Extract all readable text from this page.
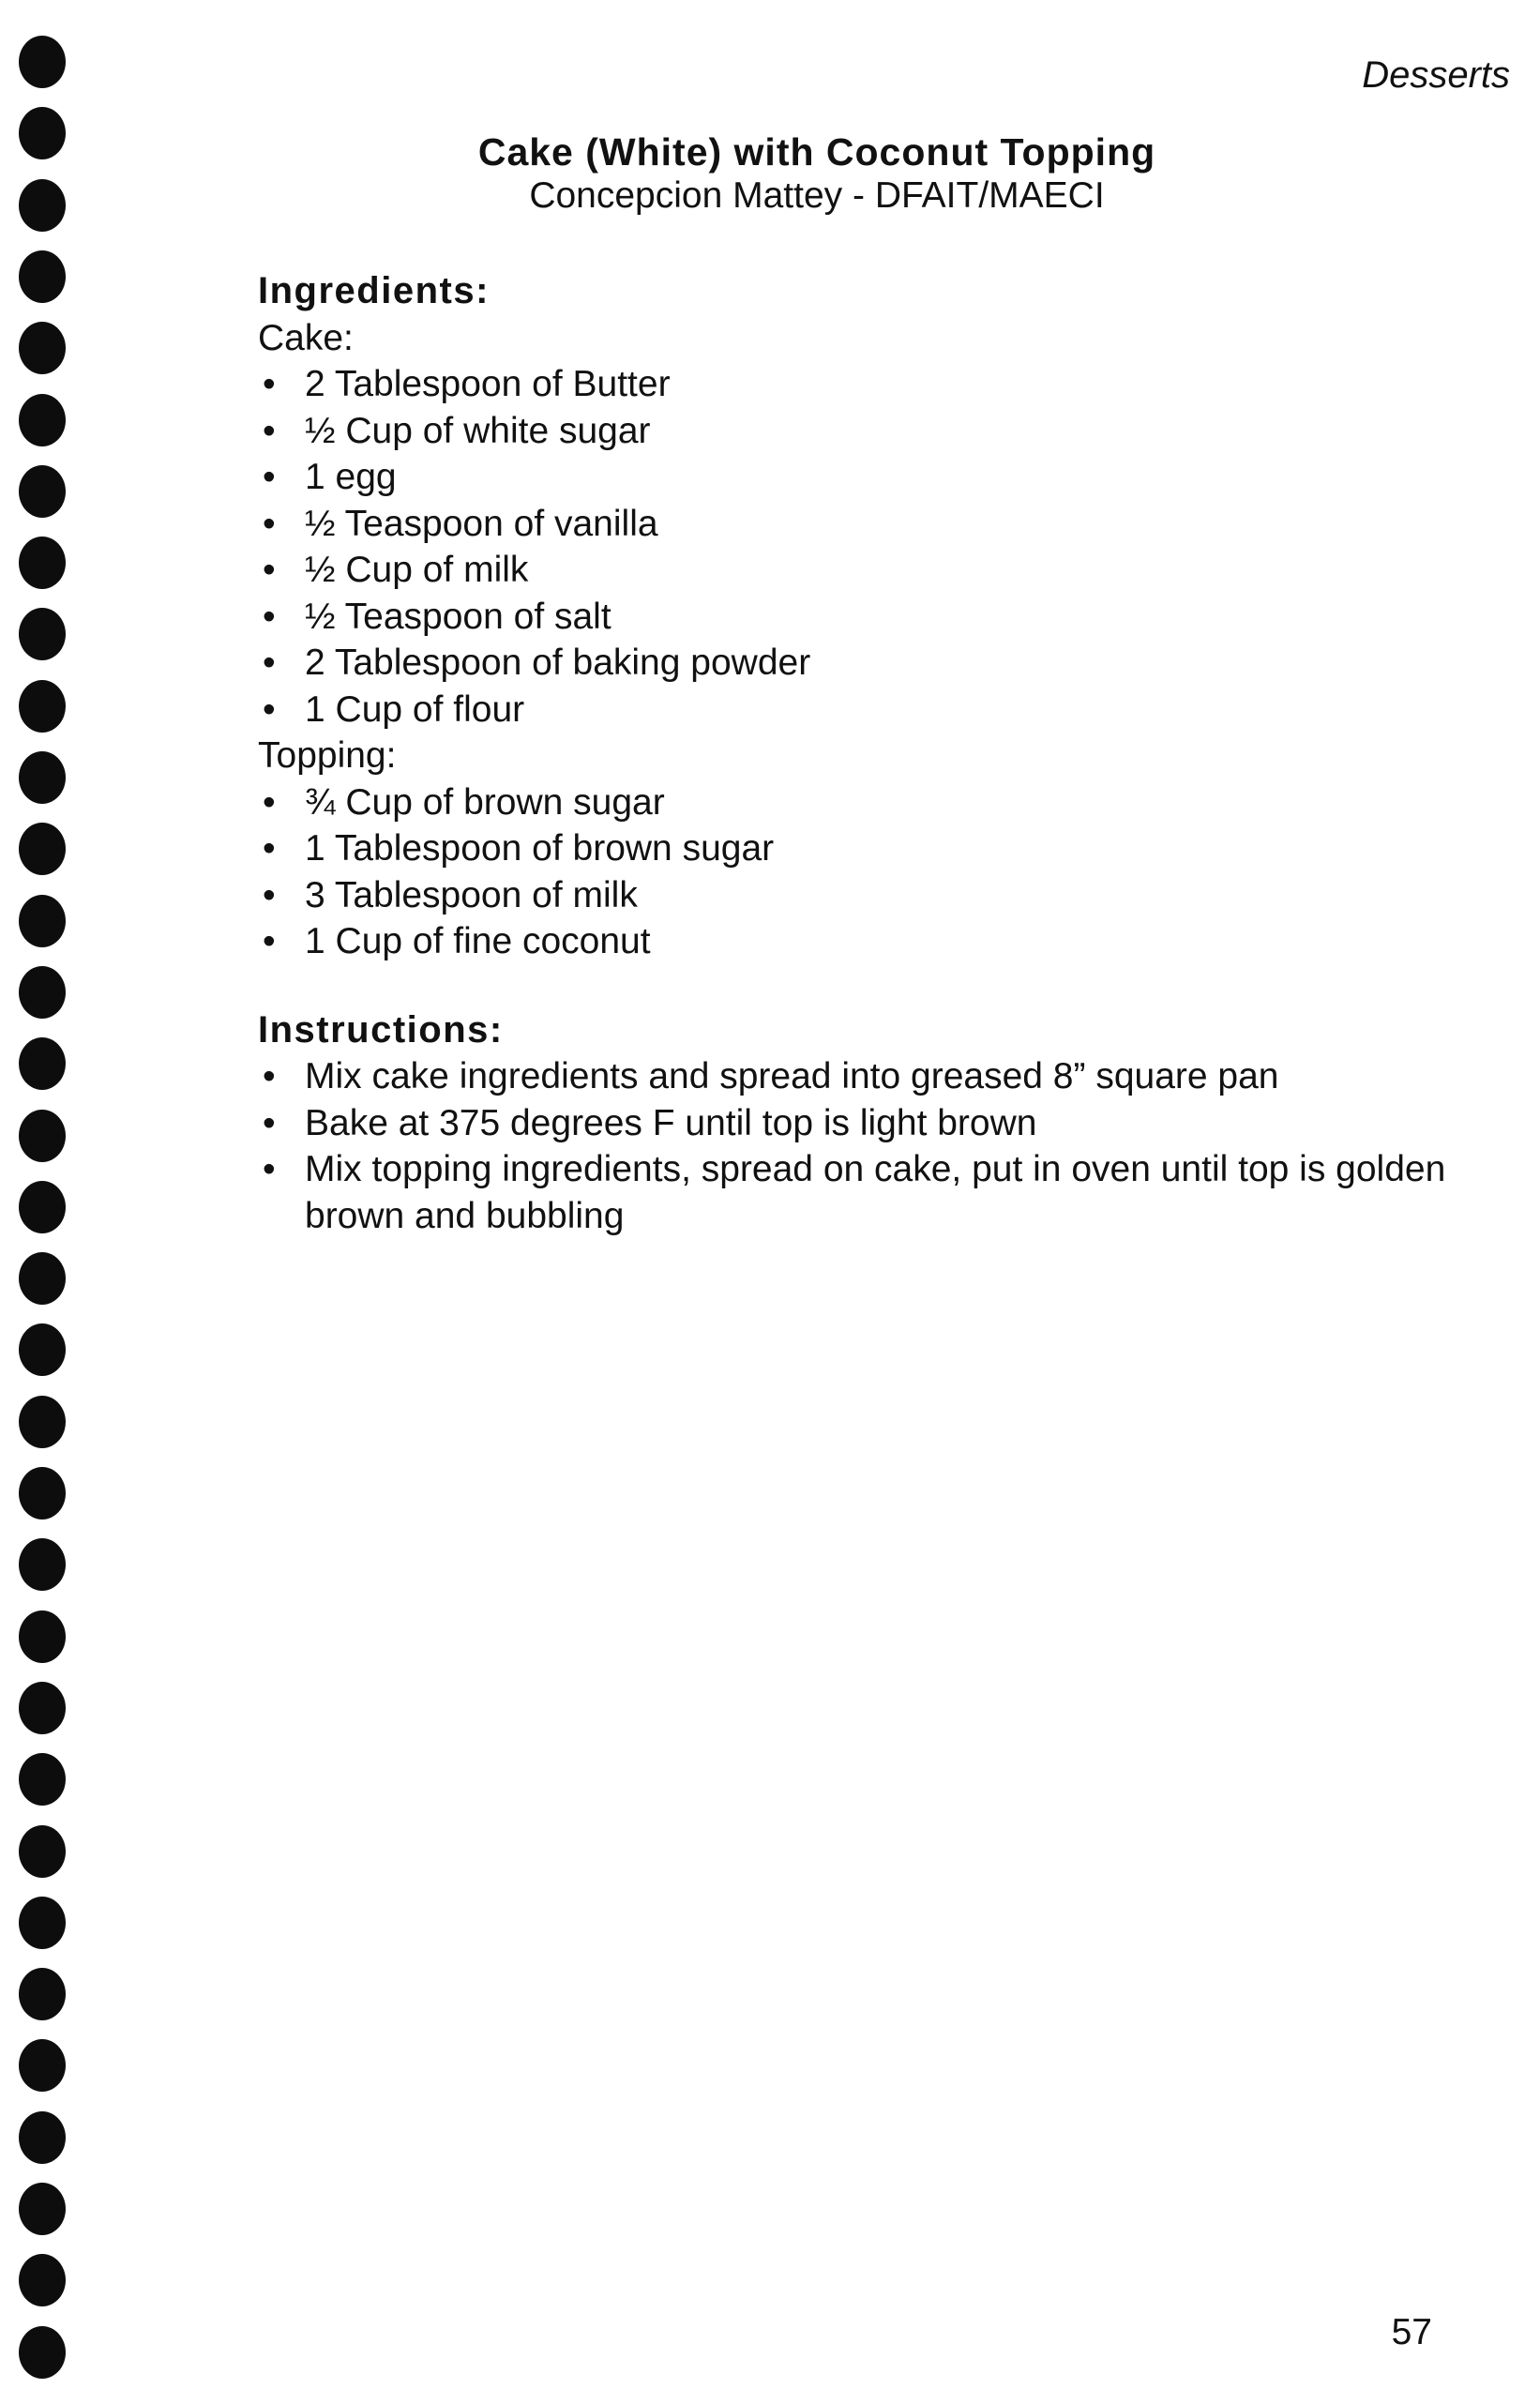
Desserts
Cake (White) with Coconut Topping
Concepcion Mattey - DFAIT/MAECI
Ingredients:
Cake:
• 2 Tablespoon of Butter
• ½ Cup of white sugar
• 1 egg
• ½ Teaspoon of vanilla
• ½ Cup of milk
• ½ Teaspoon of salt
• 2 Tablespoon of baking powder
• 1 Cup of flour
Topping:
• ¾ Cup of brown sugar
• 1 Tablespoon of brown sugar
• 3 Tablespoon of milk
• 1 Cup of fine coconut
Instructions:
• Mix cake ingredients and spread into greased 8” square pan
• Bake at 375 degrees F until top is light brown
• Mix topping ingredients, spread on cake, put in oven until top is golden brown and bubbling
57
